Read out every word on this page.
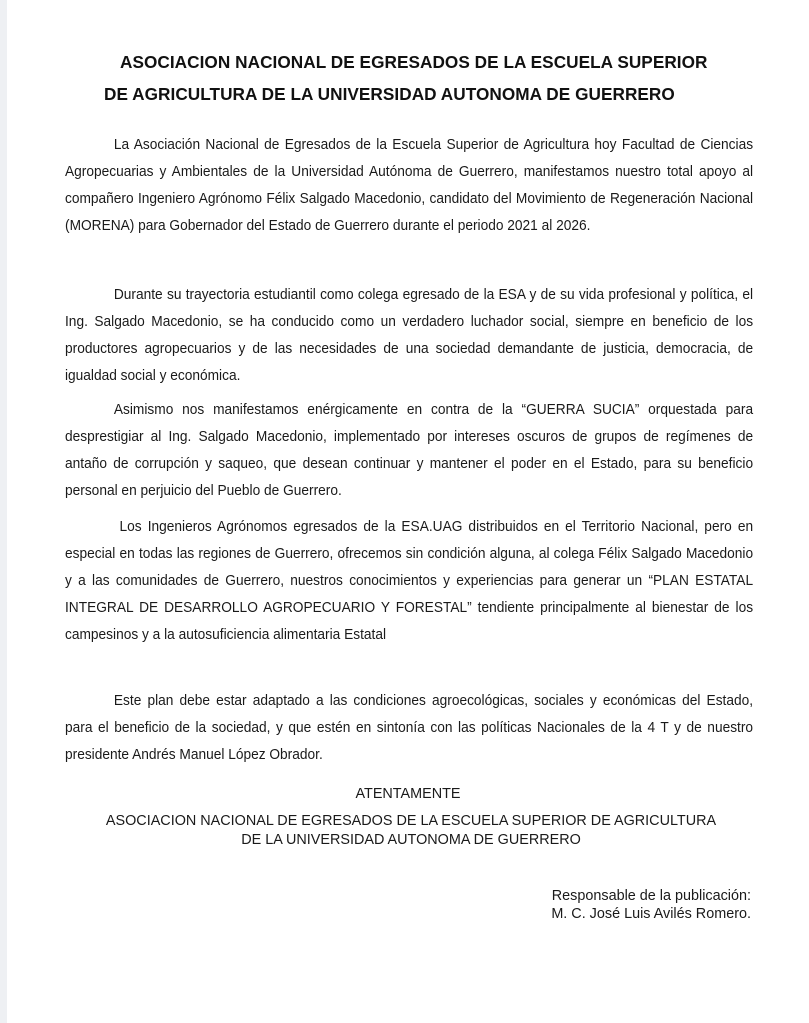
ASOCIACION NACIONAL DE EGRESADOS DE LA ESCUELA SUPERIOR
DE AGRICULTURA DE LA UNIVERSIDAD AUTONOMA DE GUERRERO

La Asociación Nacional de Egresados de la Escuela Superior de Agricultura hoy Facultad de Ciencias Agropecuarias y Ambientales de la Universidad Autónoma de Guerrero, manifestamos nuestro total apoyo al compañero Ingeniero Agrónomo Félix Salgado Macedonio, candidato del Movimiento de Regeneración Nacional (MORENA) para Gobernador del Estado de Guerrero durante el periodo 2021 al 2026.

Durante su trayectoria estudiantil como colega egresado de la ESA y de su vida profesional y política, el Ing. Salgado Macedonio, se ha conducido como un verdadero luchador social, siempre en beneficio de los productores agropecuarios y de las necesidades de una sociedad demandante de justicia, democracia, de igualdad social y económica.

Asimismo nos manifestamos enérgicamente en contra de la “GUERRA SUCIA” orquestada para desprestigiar al Ing. Salgado Macedonio, implementado por intereses oscuros de grupos de regímenes de antaño de corrupción y saqueo, que desean continuar y mantener el poder en el Estado, para su beneficio personal en perjuicio del Pueblo de Guerrero.

Los Ingenieros Agrónomos egresados de la ESA.UAG distribuidos en el Territorio Nacional, pero en especial en todas las regiones de Guerrero, ofrecemos sin condición alguna, al colega Félix Salgado Macedonio y a las comunidades de Guerrero, nuestros conocimientos y experiencias para generar un “PLAN ESTATAL INTEGRAL DE DESARROLLO AGROPECUARIO Y FORESTAL” tendiente principalmente al bienestar de los campesinos y a la autosuficiencia alimentaria Estatal

Este plan debe estar adaptado a las condiciones agroecológicas, sociales y económicas del Estado, para el beneficio de la sociedad, y que estén en sintonía con las políticas Nacionales de la 4 T y de nuestro presidente Andrés Manuel López Obrador.

ATENTAMENTE
ASOCIACION NACIONAL DE EGRESADOS DE LA ESCUELA SUPERIOR DE AGRICULTURA
DE LA UNIVERSIDAD AUTONOMA DE GUERRERO
Responsable de la publicación:
M. C. José Luis Avilés Romero.
